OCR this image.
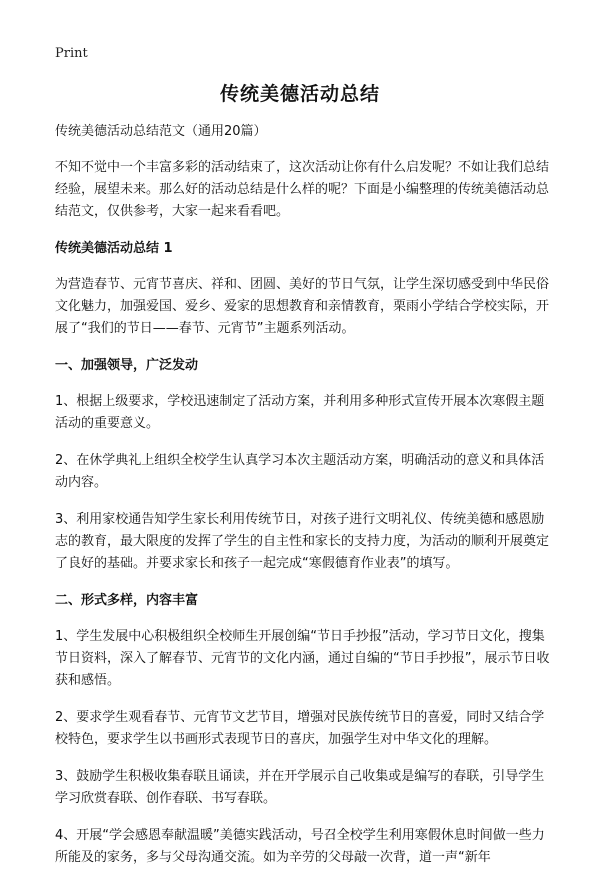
Print
传统美德活动总结

传统美德活动总结范文（通用20篇）

不知不觉中一个丰富多彩的活动结束了，这次活动让你有什么启发呢？不如让我们总结经验，展望未来。那么好的活动总结是什么样的呢？下面是小编整理的传统美德活动总结范文，仅供参考，大家一起来看看吧。

传统美德活动总结 1

为营造春节、元宵节喜庆、祥和、团圆、美好的节日气氛，让学生深切感受到中华民俗文化魅力，加强爱国、爱乡、爱家的思想教育和亲情教育，栗雨小学结合学校实际，开展了“我们的节日——春节、元宵节”主题系列活动。

一、加强领导，广泛发动

1、根据上级要求，学校迅速制定了活动方案，并利用多种形式宣传开展本次寒假主题活动的重要意义。

2、在休学典礼上组织全校学生认真学习本次主题活动方案，明确活动的意义和具体活动内容。

3、利用家校通告知学生家长利用传统节日，对孩子进行文明礼仪、传统美德和感恩励志的教育，最大限度的发挥了学生的自主性和家长的支持力度，为活动的顺利开展奠定了良好的基础。并要求家长和孩子一起完成“寒假德育作业表”的填写。

二、形式多样，内容丰富

1、学生发展中心积极组织全校师生开展创编“节日手抄报”活动，学习节日文化，搜集节日资料，深入了解春节、元宵节的文化内涵，通过自编的“节日手抄报”，展示节日收获和感悟。

2、要求学生观看春节、元宵节文艺节目，增强对民族传统节日的喜爱，同时又结合学校特色，要求学生以书画形式表现节日的喜庆，加强学生对中华文化的理解。

3、鼓励学生积极收集春联且诵读，并在开学展示自己收集或是编写的春联，引导学生学习欣赏春联、创作春联、书写春联。

4、开展“学会感恩奉献温暖”美德实践活动，号召全校学生利用寒假休息时间做一些力所能及的家务，多与父母沟通交流。如为辛劳的父母敲一次背，道一声“新年
